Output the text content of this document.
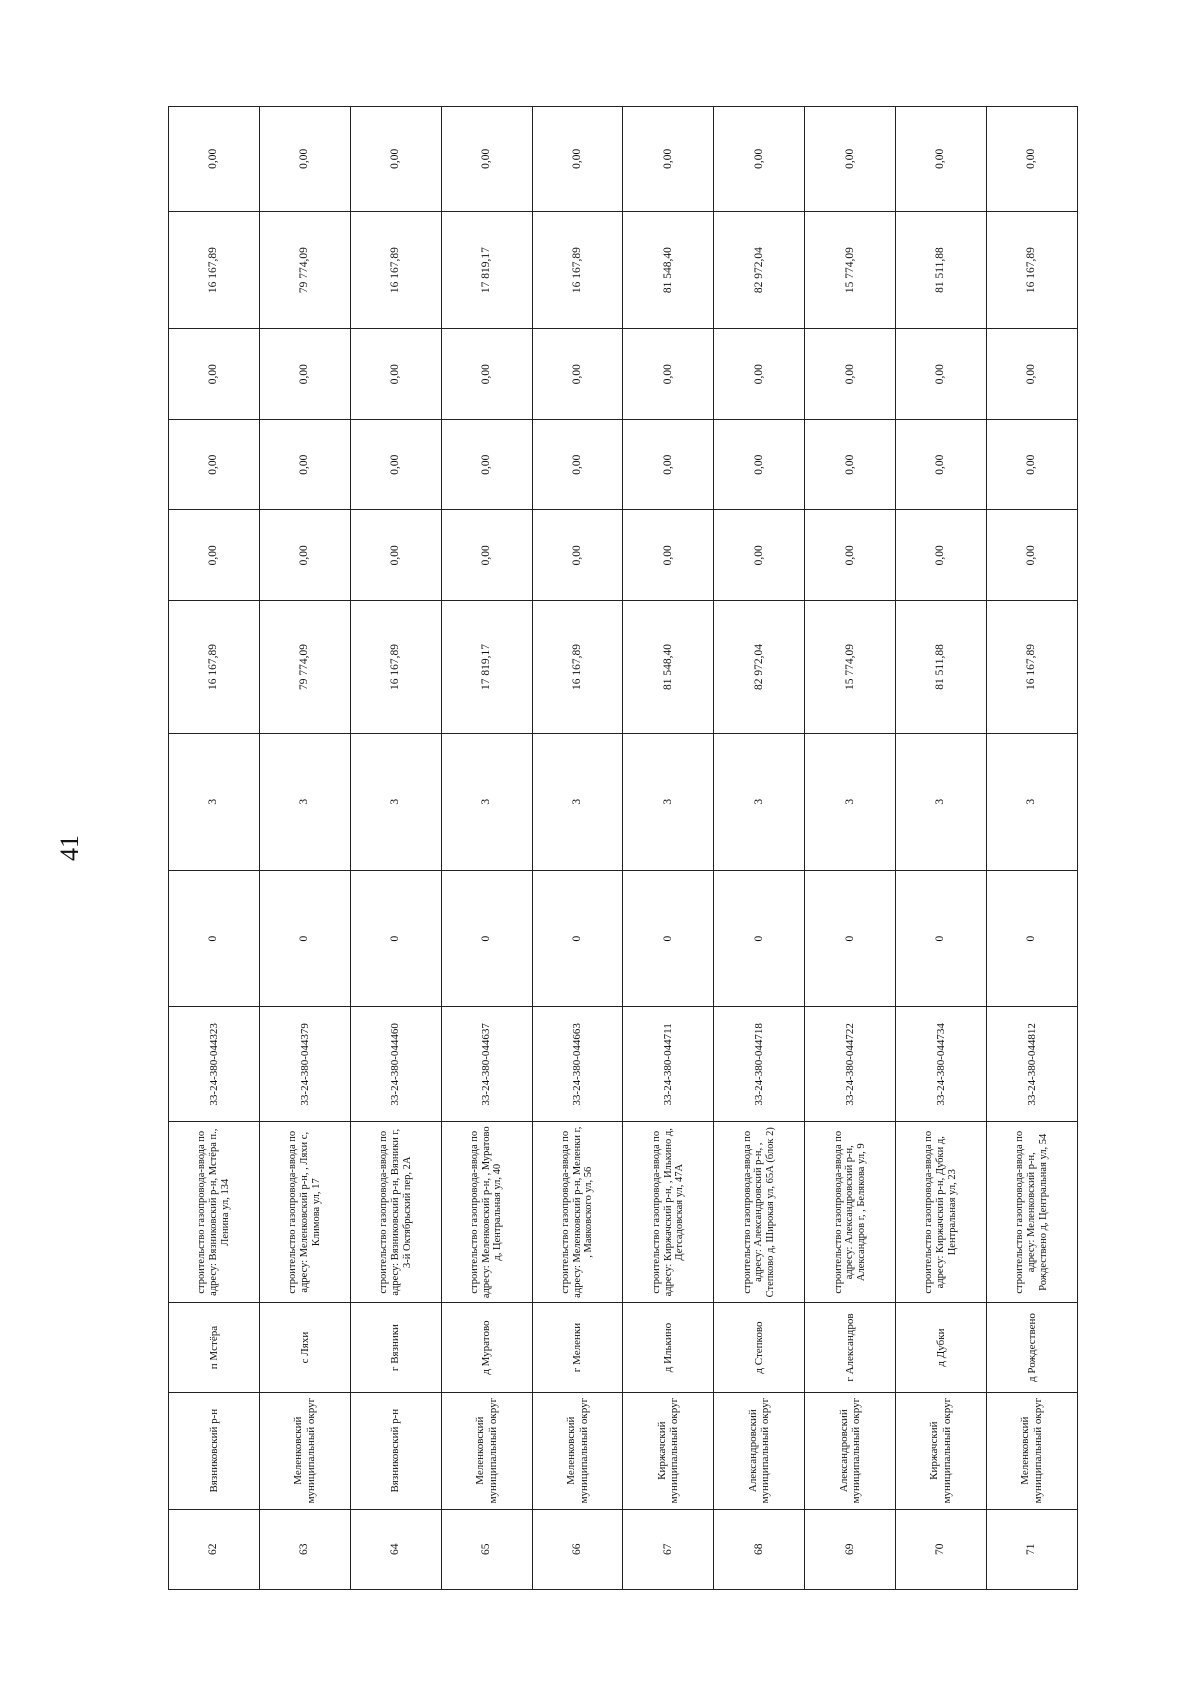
41
62	Вязниковский р-н	п Мстёра	строительство газопровода-ввода по адресу: Вязниковский р-н, Мстёра п., Ленина ул, 134	33-24-380-044323	0	3	16 167,89	0,00	0,00	0,00	16 167,89	0,00
63	Меленковский муниципальный округ	с Ляхи	строительство газопровода-ввода по адресу: Меленковский р-н, , Ляхи с, Климова ул, 17	33-24-380-044379	0	3	79 774,09	0,00	0,00	0,00	79 774,09	0,00
64	Вязниковский р-н	г Вязники	строительство газопровода-ввода по адресу: Вязниковский р-н, Вязники г, 3-й Октябрьский пер, 2А	33-24-380-044460	0	3	16 167,89	0,00	0,00	0,00	16 167,89	0,00
65	Меленковский муниципальный округ	д Муратово	строительство газопровода-ввода по адресу: Меленковский р-н, , Муратово д, Центральная ул, 40	33-24-380-044637	0	3	17 819,17	0,00	0,00	0,00	17 819,17	0,00
66	Меленковский муниципальный округ	г Меленки	строительство газопровода-ввода по адресу: Меленковский р-н, Меленки г, , Маяковского ул, 56	33-24-380-044663	0	3	16 167,89	0,00	0,00	0,00	16 167,89	0,00
67	Киржачский муниципальный округ	д Илькино	строительство газопровода-ввода по адресу: Киржачский р-н, , Илькино д, Детсадовская ул, 47А	33-24-380-044711	0	3	81 548,40	0,00	0,00	0,00	81 548,40	0,00
68	Александровский муниципальный округ	д Степково	строительство газопровода-ввода по адресу: Александровский р-н, , Степково д, Широкая ул, 65А (блок 2)	33-24-380-044718	0	3	82 972,04	0,00	0,00	0,00	82 972,04	0,00
69	Александровский муниципальный округ	г Александров	строительство газопровода-ввода по адресу: Александровский р-н, Александров г, , Белякова ул, 9	33-24-380-044722	0	3	15 774,09	0,00	0,00	0,00	15 774,09	0,00
70	Киржачский муниципальный округ	д Дубки	строительство газопровода-ввода по адресу: Киржачский р-н, Дубки д, Центральная ул, 23	33-24-380-044734	0	3	81 511,88	0,00	0,00	0,00	81 511,88	0,00
71	Меленковский муниципальный округ	д Рождествено	строительство газопровода-ввода по адресу: Меленковский р-н, Рождествено д, Центральная ул, 54	33-24-380-044812	0	3	16 167,89	0,00	0,00	0,00	16 167,89	0,00
